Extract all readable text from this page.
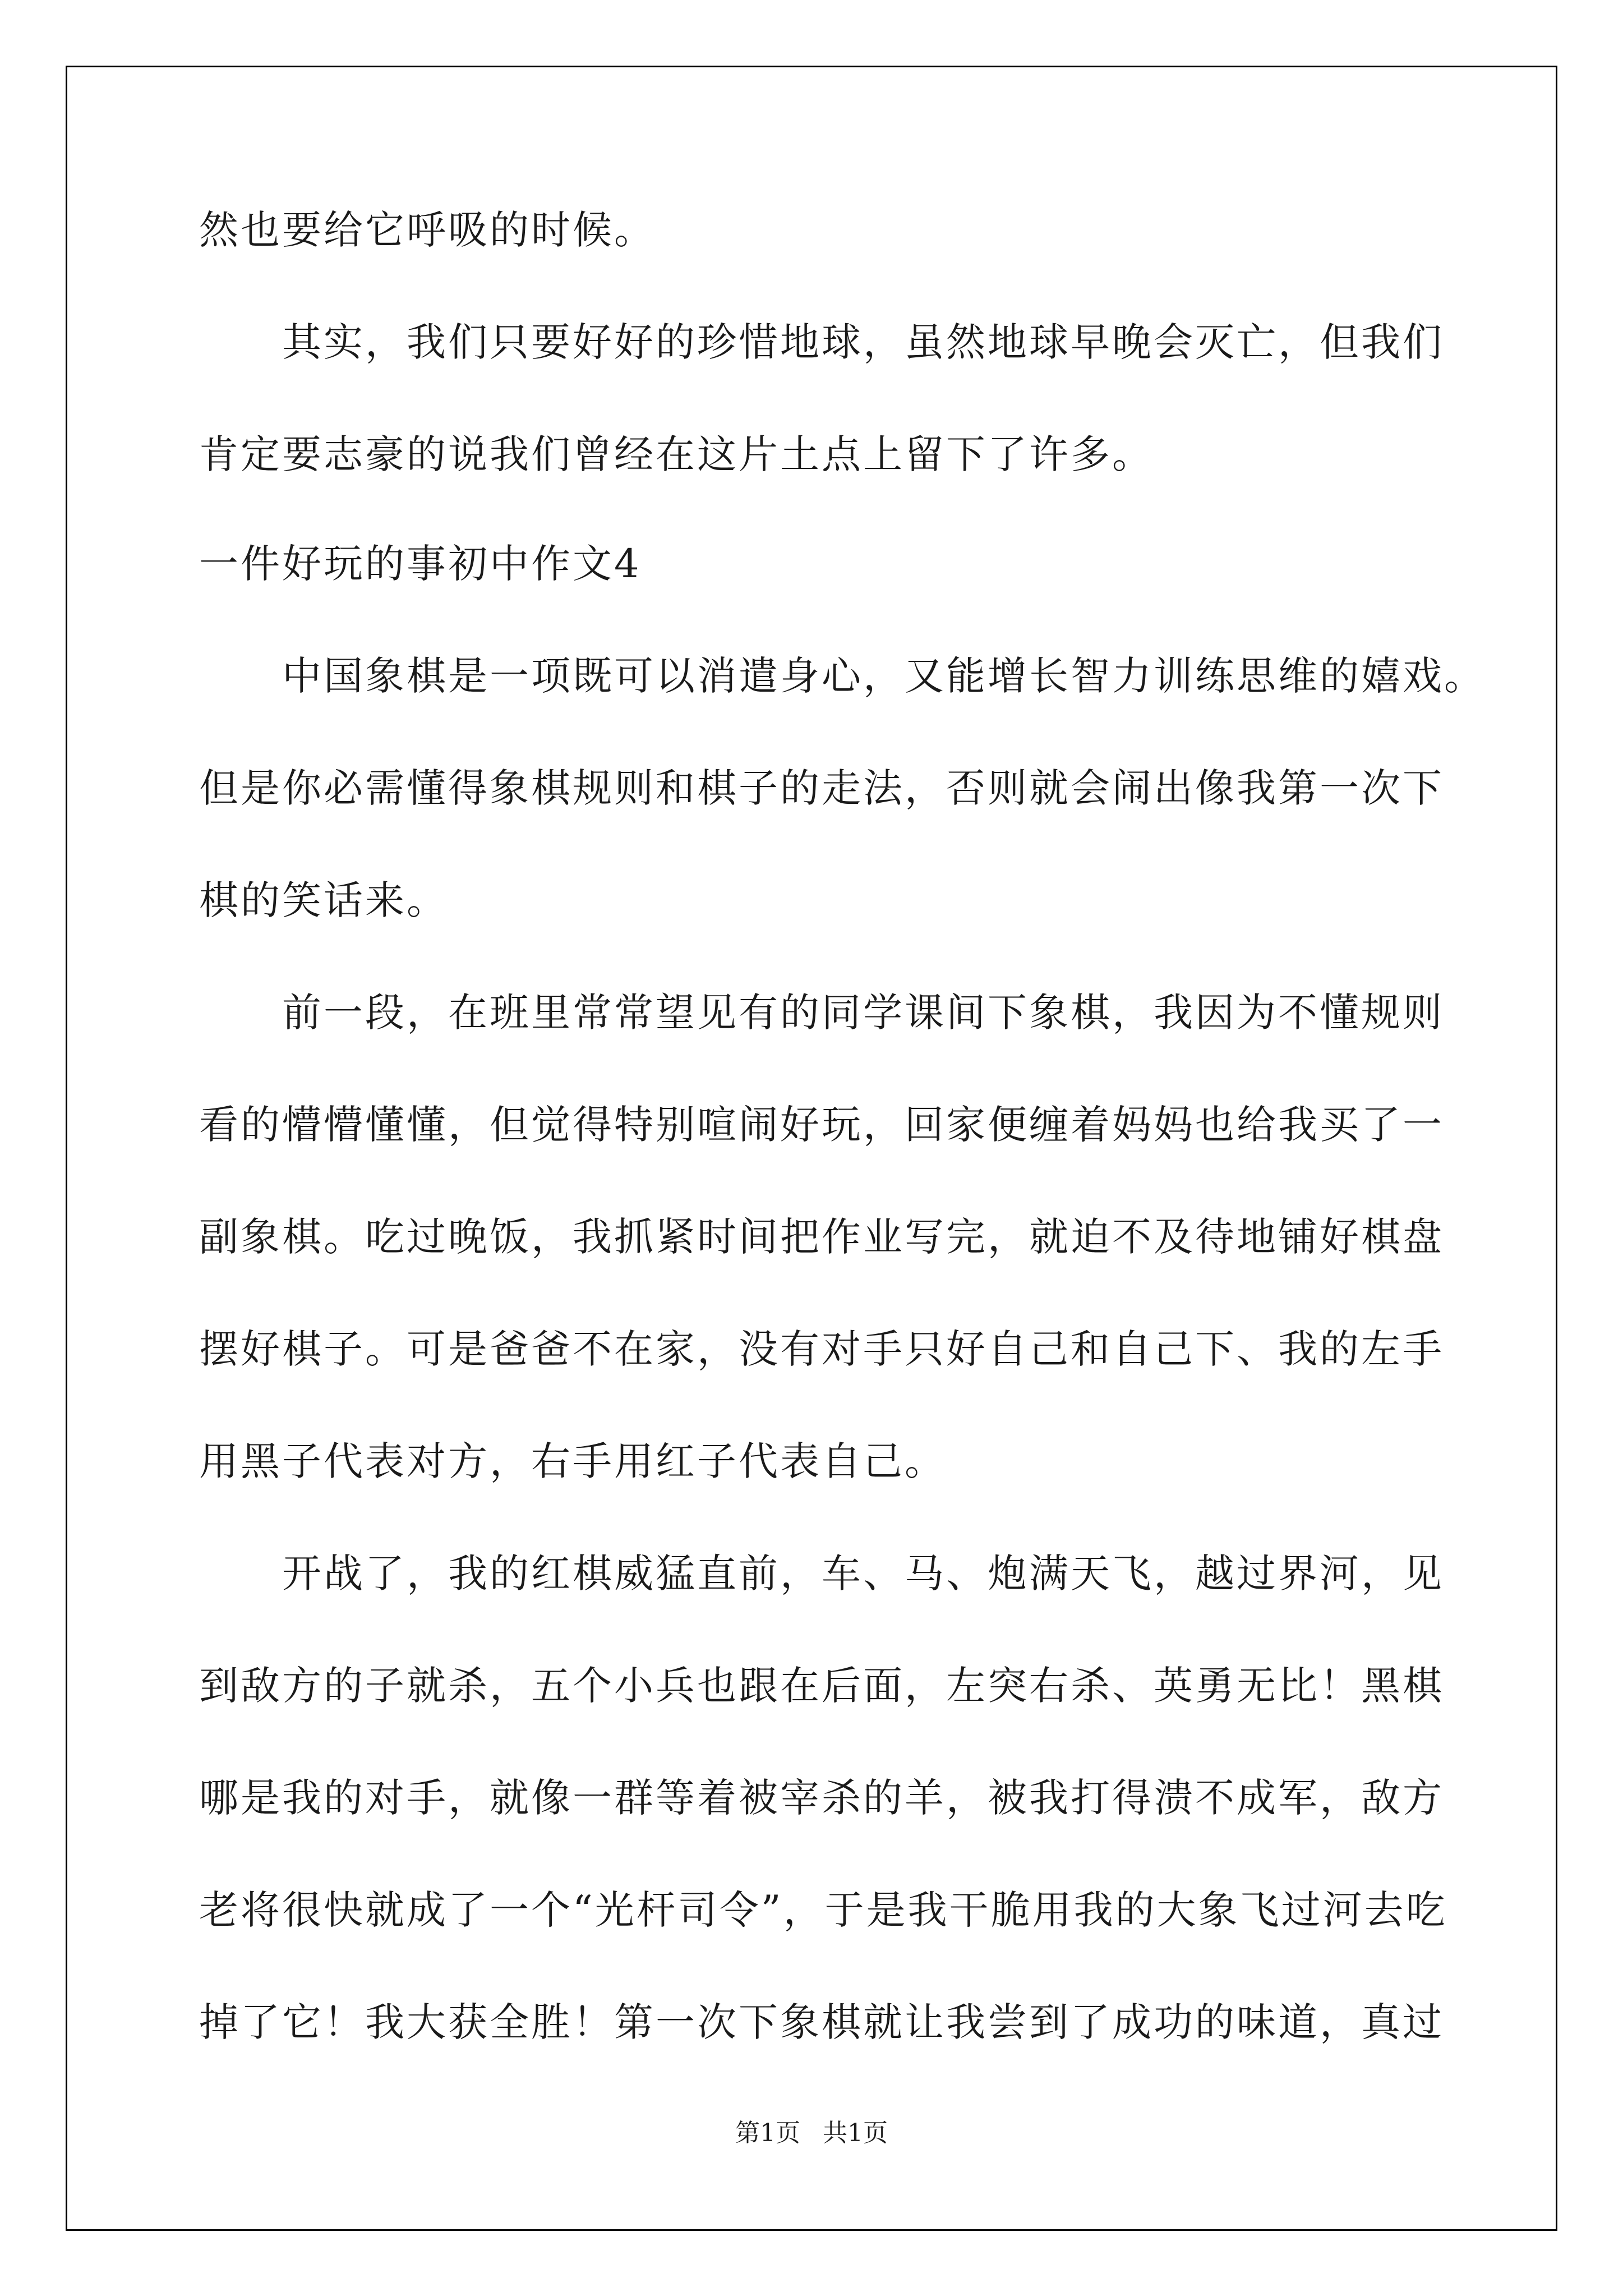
然也要给它呼吸的时候。
　　其实，我们只要好好的珍惜地球，虽然地球早晚会灭亡，但我们
肯定要志豪的说我们曾经在这片土点上留下了许多。
一件好玩的事初中作文4
　　中国象棋是一项既可以消遣身心，又能增长智力训练思维的嬉戏。
但是你必需懂得象棋规则和棋子的走法，否则就会闹出像我第一次下
棋的笑话来。
　　前一段，在班里常常望见有的同学课间下象棋，我因为不懂规则
看的懵懵懂懂，但觉得特别喧闹好玩，回家便缠着妈妈也给我买了一
副象棋。吃过晚饭，我抓紧时间把作业写完，就迫不及待地铺好棋盘
摆好棋子。可是爸爸不在家，没有对手只好自己和自己下、我的左手
用黑子代表对方，右手用红子代表自己。
　　开战了，我的红棋威猛直前，车、马、炮满天飞，越过界河，见
到敌方的子就杀，五个小兵也跟在后面，左突右杀、英勇无比！黑棋
哪是我的对手，就像一群等着被宰杀的羊，被我打得溃不成军，敌方
老将很快就成了一个“光杆司令”，于是我干脆用我的大象飞过河去吃
掉了它！我大获全胜！第一次下象棋就让我尝到了成功的味道，真过
第1页 共1页
